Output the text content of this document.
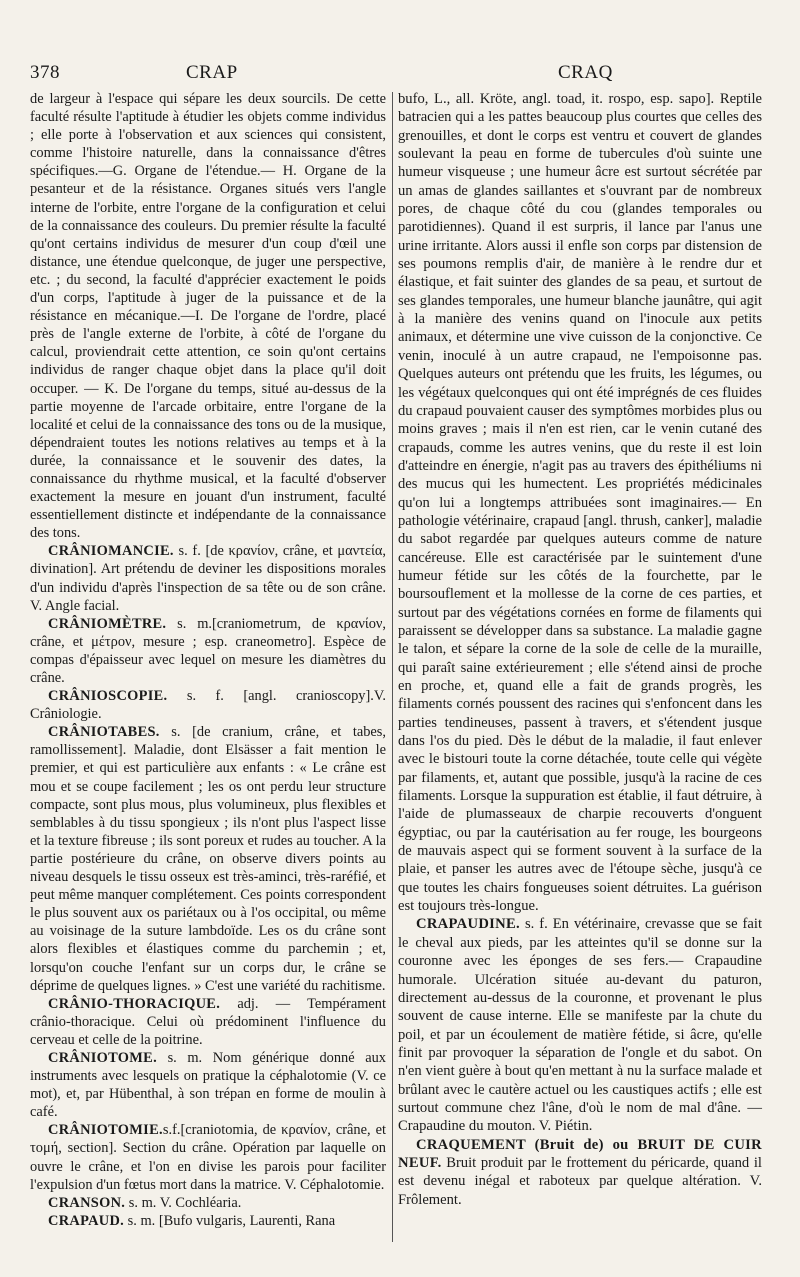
378	CRAP	CRAQ

de largeur à l'espace qui sépare les deux sourcils. De cette faculté résulte l'aptitude à étudier les objets comme individus ; elle porte à l'observation et aux sciences qui consistent, comme l'histoire naturelle, dans la connaissance d'êtres spécifiques.—G. Organe de l'étendue.— H. Organe de la pesanteur et de la résistance. Organes situés vers l'angle interne de l'orbite, entre l'organe de la configuration et celui de la connaissance des couleurs. Du premier résulte la faculté qu'ont certains individus de mesurer d'un coup d'œil une distance, une étendue quelconque, de juger une perspective, etc. ; du second, la faculté d'apprécier exactement le poids d'un corps, l'aptitude à juger de la puissance et de la résistance en mécanique.—I. De l'organe de l'ordre, placé près de l'angle externe de l'orbite, à côté de l'organe du calcul, proviendrait cette attention, ce soin qu'ont certains individus de ranger chaque objet dans la place qu'il doit occuper. — K. De l'organe du temps, situé au-dessus de la partie moyenne de l'arcade orbitaire, entre l'organe de la localité et celui de la connaissance des tons ou de la musique, dépendraient toutes les notions relatives au temps et à la durée, la connaissance et le souvenir des dates, la connaissance du rhythme musical, et la faculté d'observer exactement la mesure en jouant d'un instrument, faculté essentiellement distincte et indépendante de la connaissance des tons.

CRÂNIOMANCIE. s. f. [de κρανίον, crâne, et μαντεία, divination]. Art prétendu de deviner les dispositions morales d'un individu d'après l'inspection de sa tête ou de son crâne. V. Angle facial.

CRÂNIOMÈTRE. s. m.[craniometrum, de κρανίον, crâne, et μέτρον, mesure ; esp. craneometro]. Espèce de compas d'épaisseur avec lequel on mesure les diamètres du crâne.

CRÂNIOSCOPIE. s. f. [angl. cranioscopy].V. Crâniologie.

CRÂNIOTABES. s. [de cranium, crâne, et tabes, ramollissement]. Maladie, dont Elsässer a fait mention le premier, et qui est particulière aux enfants : « Le crâne est mou et se coupe facilement ; les os ont perdu leur structure compacte, sont plus mous, plus volumineux, plus flexibles et semblables à du tissu spongieux ; ils n'ont plus l'aspect lisse et la texture fibreuse ; ils sont poreux et rudes au toucher. A la partie postérieure du crâne, on observe divers points au niveau desquels le tissu osseux est très-aminci, très-raréfié, et peut même manquer complétement. Ces points correspondent le plus souvent aux os pariétaux ou à l'os occipital, ou même au voisinage de la suture lambdoïde. Les os du crâne sont alors flexibles et élastiques comme du parchemin ; et, lorsqu'on couche l'enfant sur un corps dur, le crâne se déprime de quelques lignes. » C'est une variété du rachitisme.

CRÂNIO-THORACIQUE. adj. — Tempérament crânio-thoracique. Celui où prédominent l'influence du cerveau et celle de la poitrine.

CRÂNIOTOME. s. m. Nom générique donné aux instruments avec lesquels on pratique la céphalotomie (V. ce mot), et, par Hübenthal, à son trépan en forme de moulin à café.

CRÂNIOTOMIE.s.f.[craniotomia, de κρανίον, crâne, et τομή, section]. Section du crâne. Opération par laquelle on ouvre le crâne, et l'on en divise les parois pour faciliter l'expulsion d'un fœtus mort dans la matrice. V. Céphalotomie.

CRANSON. s. m. V. Cochléaria.

CRAPAUD. s. m. [Bufo vulgaris, Laurenti, Rana

bufo, L., all. Kröte, angl. toad, it. rospo, esp. sapo]. Reptile batracien qui a les pattes beaucoup plus courtes que celles des grenouilles, et dont le corps est ventru et couvert de glandes soulevant la peau en forme de tubercules d'où suinte une humeur visqueuse ; une humeur âcre est surtout sécrétée par un amas de glandes saillantes et s'ouvrant par de nombreux pores, de chaque côté du cou (glandes temporales ou parotidiennes). Quand il est surpris, il lance par l'anus une urine irritante. Alors aussi il enfle son corps par distension de ses poumons remplis d'air, de manière à le rendre dur et élastique, et fait suinter des glandes de sa peau, et surtout de ses glandes temporales, une humeur blanche jaunâtre, qui agit à la manière des venins quand on l'inocule aux petits animaux, et détermine une vive cuisson de la conjonctive. Ce venin, inoculé à un autre crapaud, ne l'empoisonne pas. Quelques auteurs ont prétendu que les fruits, les légumes, ou les végétaux quelconques qui ont été imprégnés de ces fluides du crapaud pouvaient causer des symptômes morbides plus ou moins graves ; mais il n'en est rien, car le venin cutané des crapauds, comme les autres venins, que du reste il est loin d'atteindre en énergie, n'agit pas au travers des épithéliums ni des mucus qui les humectent. Les propriétés médicinales qu'on lui a longtemps attribuées sont imaginaires.— En pathologie vétérinaire, crapaud [angl. thrush, canker], maladie du sabot regardée par quelques auteurs comme de nature cancéreuse. Elle est caractérisée par le suintement d'une humeur fétide sur les côtés de la fourchette, par le boursouflement et la mollesse de la corne de ces parties, et surtout par des végétations cornées en forme de filaments qui paraissent se développer dans sa substance. La maladie gagne le talon, et sépare la corne de la sole de celle de la muraille, qui paraît saine extérieurement ; elle s'étend ainsi de proche en proche, et, quand elle a fait de grands progrès, les filaments cornés poussent des racines qui s'enfoncent dans les parties tendineuses, passent à travers, et s'étendent jusque dans l'os du pied. Dès le début de la maladie, il faut enlever avec le bistouri toute la corne détachée, toute celle qui végète par filaments, et, autant que possible, jusqu'à la racine de ces filaments. Lorsque la suppuration est établie, il faut détruire, à l'aide de plumasseaux de charpie recouverts d'onguent égyptiac, ou par la cautérisation au fer rouge, les bourgeons de mauvais aspect qui se forment souvent à la surface de la plaie, et panser les autres avec de l'étoupe sèche, jusqu'à ce que toutes les chairs fongueuses soient détruites. La guérison est toujours très-longue.

CRAPAUDINE. s. f. En vétérinaire, crevasse que se fait le cheval aux pieds, par les atteintes qu'il se donne sur la couronne avec les éponges de ses fers.— Crapaudine humorale. Ulcération située au-devant du paturon, directement au-dessus de la couronne, et provenant le plus souvent de cause interne. Elle se manifeste par la chute du poil, et par un écoulement de matière fétide, si âcre, qu'elle finit par provoquer la séparation de l'ongle et du sabot. On n'en vient guère à bout qu'en mettant à nu la surface malade et brûlant avec le cautère actuel ou les caustiques actifs ; elle est surtout commune chez l'âne, d'où le nom de mal d'âne. — Crapaudine du mouton. V. Piétin.

CRAQUEMENT (Bruit de) ou BRUIT DE CUIR NEUF. Bruit produit par le frottement du péricarde, quand il est devenu inégal et raboteux par quelque altération. V. Frôlement.
